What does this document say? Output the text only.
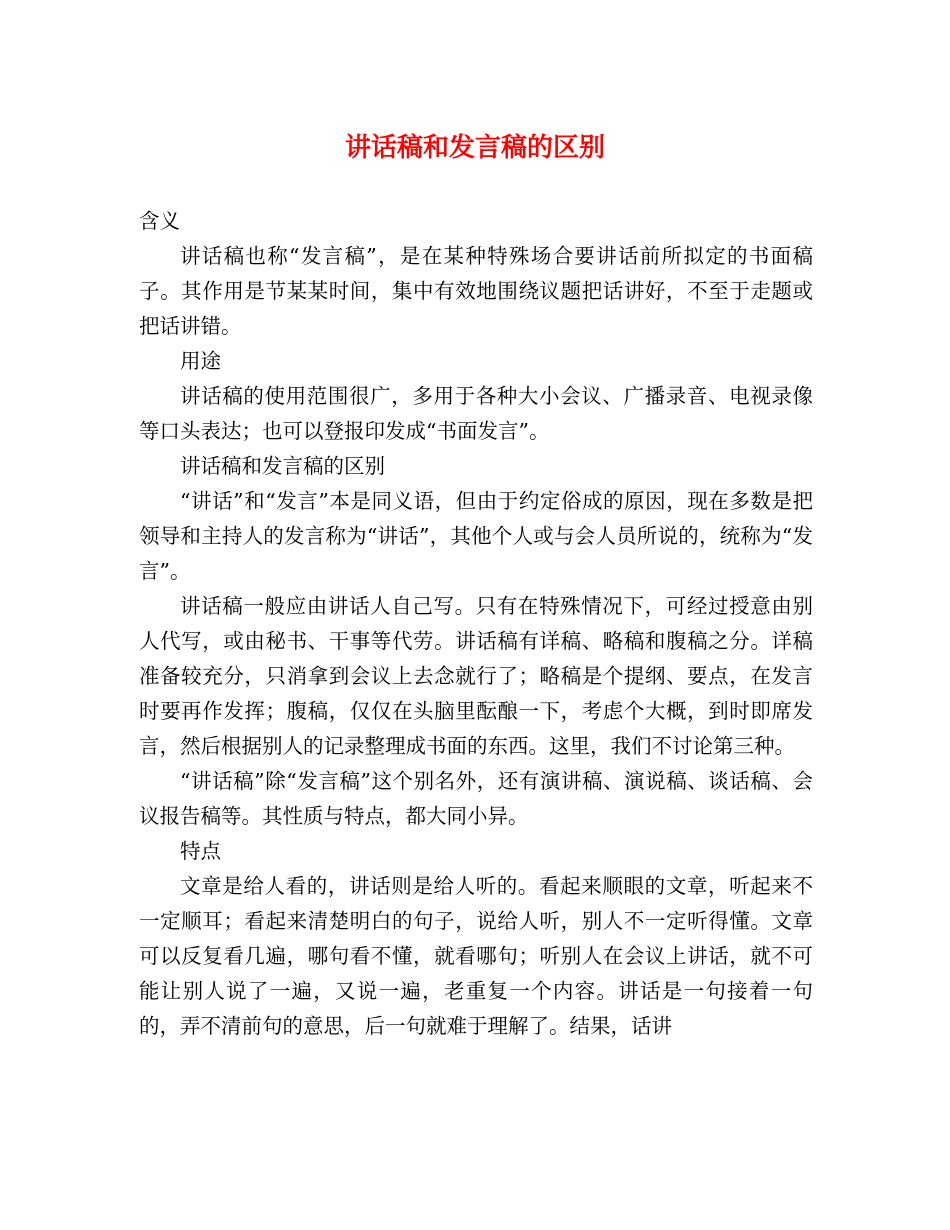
讲话稿和发言稿的区别

含义

讲话稿也称“发言稿”，是在某种特殊场合要讲话前所拟定的书面稿子。其作用是节某某时间，集中有效地围绕议题把话讲好，不至于走题或把话讲错。

用途

讲话稿的使用范围很广，多用于各种大小会议、广播录音、电视录像等口头表达；也可以登报印发成“书面发言”。

讲话稿和发言稿的区别

“讲话”和“发言”本是同义语，但由于约定俗成的原因，现在多数是把领导和主持人的发言称为“讲话”，其他个人或与会人员所说的，统称为“发言”。

讲话稿一般应由讲话人自己写。只有在特殊情况下，可经过授意由别人代写，或由秘书、干事等代劳。讲话稿有详稿、略稿和腹稿之分。详稿准备较充分，只消拿到会议上去念就行了；略稿是个提纲、要点，在发言时要再作发挥；腹稿，仅仅在头脑里酝酿一下，考虑个大概，到时即席发言，然后根据别人的记录整理成书面的东西。这里，我们不讨论第三种。

“讲话稿”除“发言稿”这个别名外，还有演讲稿、演说稿、谈话稿、会议报告稿等。其性质与特点，都大同小异。

特点

文章是给人看的，讲话则是给人听的。看起来顺眼的文章，听起来不一定顺耳；看起来清楚明白的句子，说给人听，别人不一定听得懂。文章可以反复看几遍，哪句看不懂，就看哪句；听别人在会议上讲话，就不可能让别人说了一遍，又说一遍，老重复一个内容。讲话是一句接着一句的，弄不清前句的意思，后一句就难于理解了。结果，话讲
